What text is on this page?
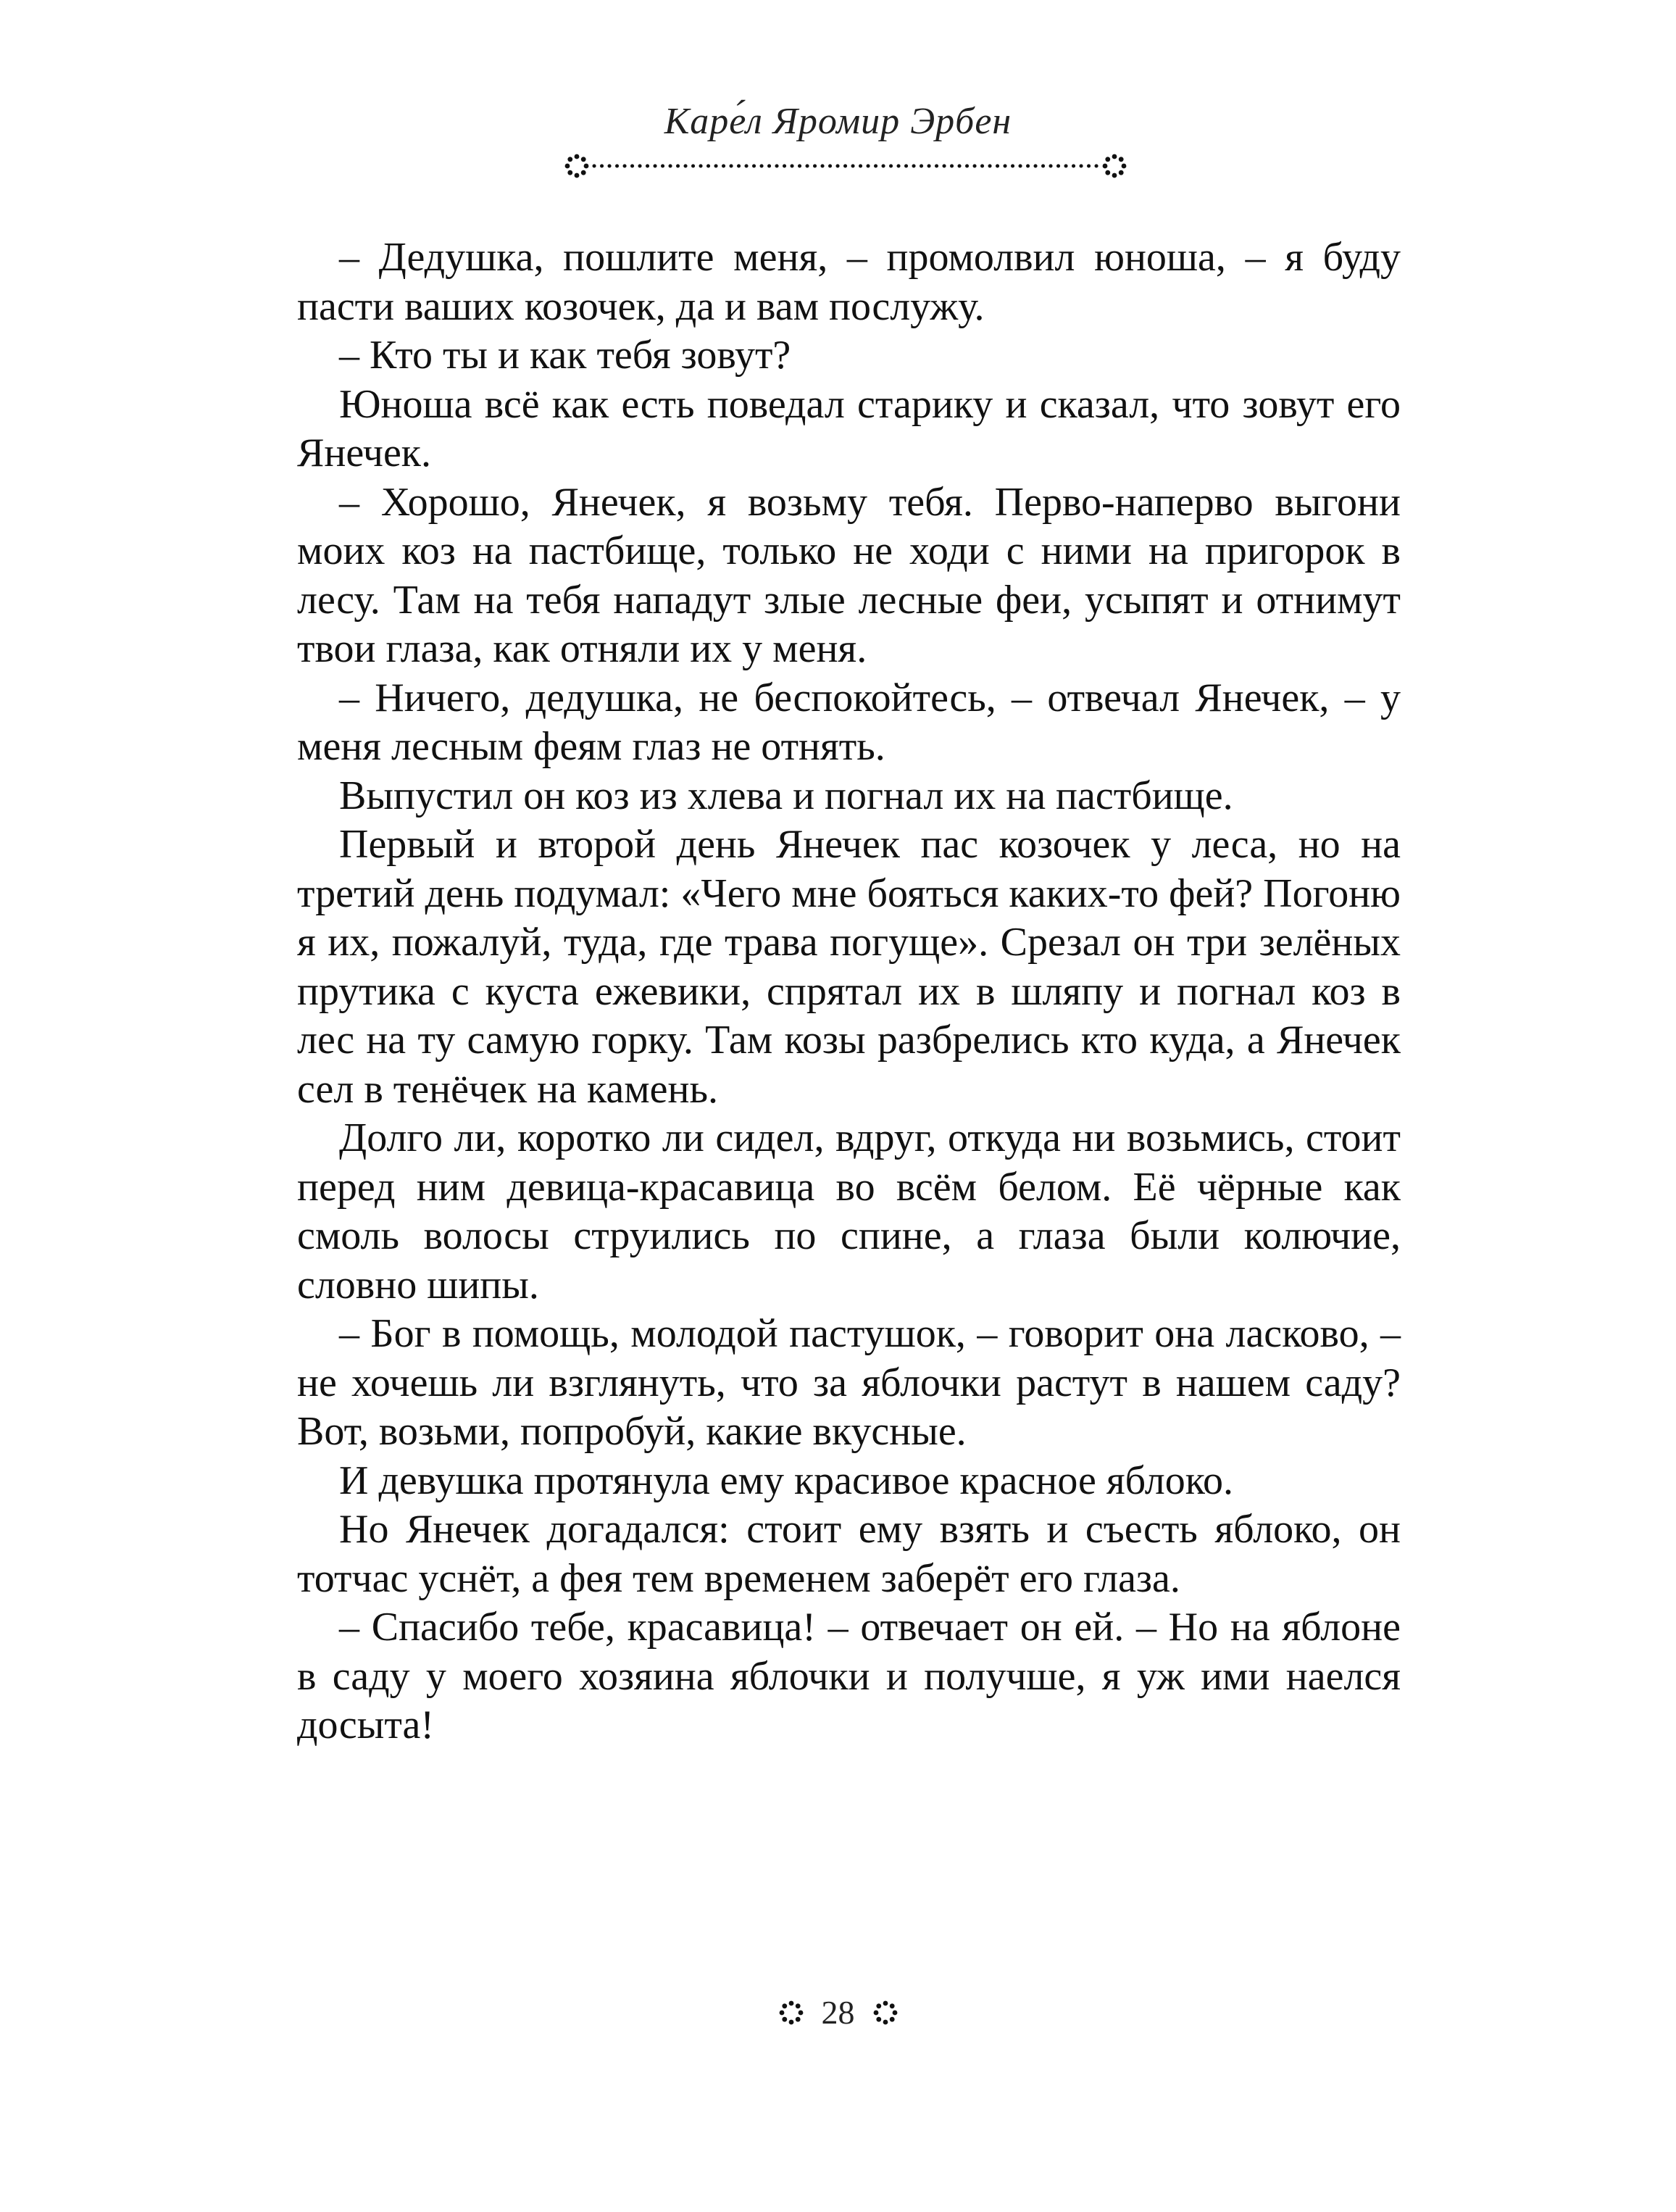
Каре́л Яромир Эрбен

– Дедушка, пошлите меня, – промолвил юноша, – я буду пасти ваших козочек, да и вам послужу.

– Кто ты и как тебя зовут?

Юноша всё как есть поведал старику и сказал, что зовут его Янечек.

– Хорошо, Янечек, я возьму тебя. Перво-наперво выгони моих коз на пастбище, только не ходи с ними на пригорок в лесу. Там на тебя нападут злые лесные феи, усыпят и отнимут твои глаза, как отняли их у меня.

– Ничего, дедушка, не беспокойтесь, – отвечал Янечек, – у меня лесным феям глаз не отнять.

Выпустил он коз из хлева и погнал их на пастбище.

Первый и второй день Янечек пас козочек у леса, но на третий день подумал: «Чего мне бояться каких-то фей? Погоню я их, пожалуй, туда, где трава погуще». Срезал он три зелёных прутика с куста ежевики, спрятал их в шляпу и погнал коз в лес на ту самую горку. Там козы разбрелись кто куда, а Янечек сел в тенёчек на камень.

Долго ли, коротко ли сидел, вдруг, откуда ни возьмись, стоит перед ним девица-красавица во всём белом. Её чёрные как смоль волосы струились по спине, а глаза были колючие, словно шипы.

– Бог в помощь, молодой пастушок, – говорит она ласково, – не хочешь ли взглянуть, что за яблочки растут в нашем саду? Вот, возьми, попробуй, какие вкусные.

И девушка протянула ему красивое красное яблоко.

Но Янечек догадался: стоит ему взять и съесть яблоко, он тотчас уснёт, а фея тем временем заберёт его глаза.

– Спасибо тебе, красавица! – отвечает он ей. – Но на яблоне в саду у моего хозяина яблочки и получше, я уж ими наелся досыта!

28
